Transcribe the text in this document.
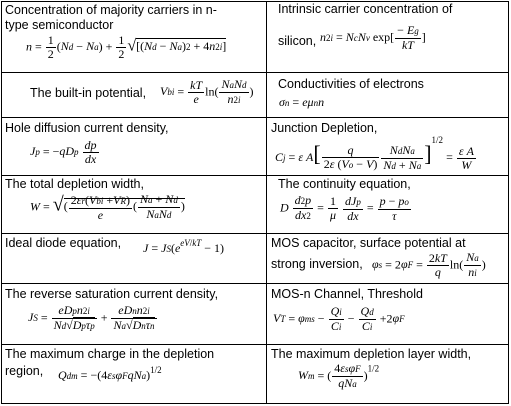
Concentration of majority carriers in n-
type semiconductor
$n = \frac{1}{2} (Nd - Na) + \frac{1}{2} √[(Nd - Na)2 + 4n2i]$
Intrinsic carrier concentration of
silicon, n2i = NcNv $\exp[ \frac{- Eg}{kT}$ ]
The built-in potential, Vbi = $\frac{kT}{e} \ln( \frac{\text{NaNd}}{n2i}$ )
Conductivities of electrons
σn = eμnn
Hole diffusion current density,
$Jp = -qDp \frac{dp}{dx}$
Junction Depletion,
Cj = ε $A[ \frac{q}{2\varepsilon (Vo - V)} \frac{\text{NdNa}}{Nd + Na} ]^{1/2} = \frac{\text{ε A}}{W}$
The total depletion width,
W = √( $\frac{\text{2εr(Vbi +VR)}}{e}$ ( $\frac{Na + Nd}{\text{NaNd}}$ )
The continuity equation,
D $\frac{d2p}{dx2} = \frac{1}{\mu}$
$\frac{\text{dJp}}{dx} = \frac{p - po}{\tau}$
Ideal diode equation, $J = JS(e^{eV/kT} - 1)$	MOS capacitor, surface potential at
strong inversion, $\varphi s = 2\varphi F = \frac{2kT}{q} \ln( \frac{Na}{ni}$ )
The reverse saturation current density,
JS = $\frac{\text{eDpn2i}}{\text{Nd√Dpτp}} + \frac{\text{eDnn2i}}{\text{Na√Dnτn}}$
MOS-n Channel, Threshold
VT = $\varphi ms - \frac{Qi}{Ci} - \frac{Qd}{Ci} +2\varphi F$
The maximum charge in the depletion
region, Qdm = −(4εsφFqNa)$^{1/2}$
The maximum depletion layer width,
Wm = ( $\frac{\text{4εsφF}}{\text{qNa}} )^{1/2}$
